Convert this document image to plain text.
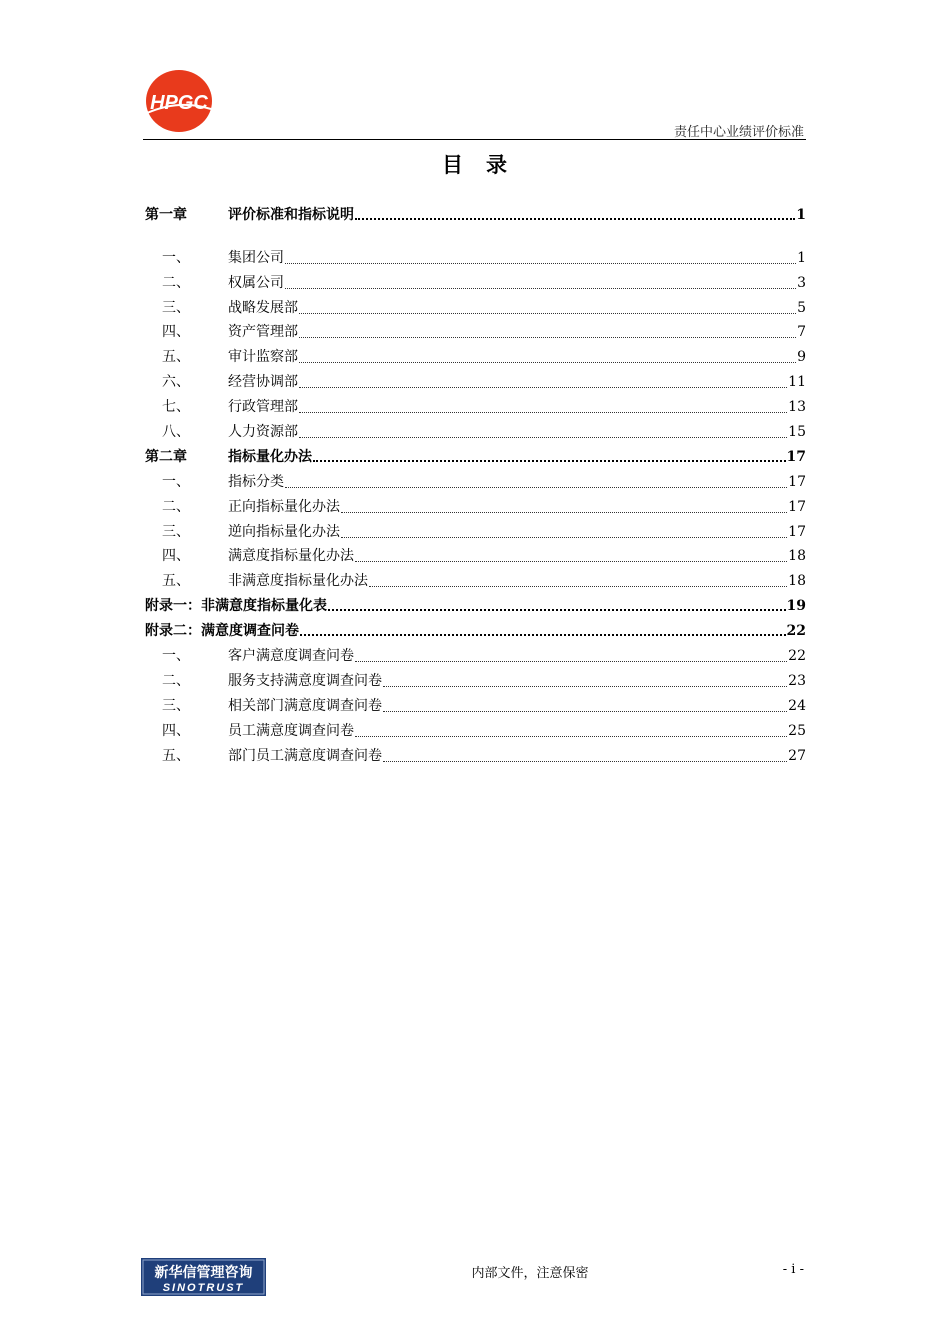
HPGC
责任中心业绩评价标准
目　录
第一章	评价标准和指标说明	1
一、	集团公司	1
二、	权属公司	3
三、	战略发展部	5
四、	资产管理部	7
五、	审计监察部	9
六、	经营协调部	11
七、	行政管理部	13
八、	人力资源部	15
第二章	指标量化办法	17
一、	指标分类	17
二、	正向指标量化办法	17
三、	逆向指标量化办法	17
四、	满意度指标量化办法	18
五、	非满意度指标量化办法	18
附录一：非满意度指标量化表	19
附录二：满意度调查问卷	22
一、	客户满意度调查问卷	22
二、	服务支持满意度调查问卷	23
三、	相关部门满意度调查问卷	24
四、	员工满意度调查问卷	25
五、	部门员工满意度调查问卷	27
新华信管理咨询
SINOTRUST
内部文件，注意保密	- i -
